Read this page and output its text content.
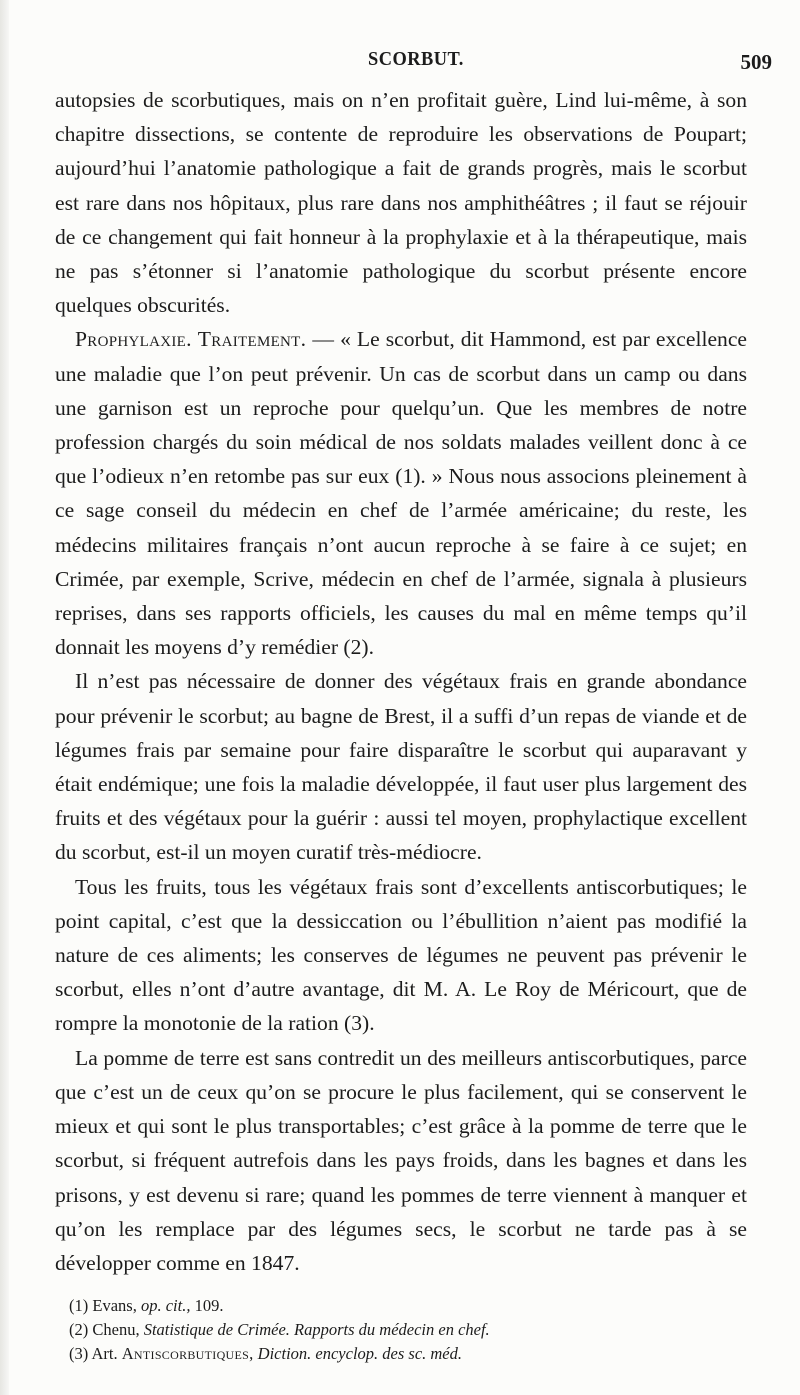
SCORBUT.	509

autopsies de scorbutiques, mais on n’en profitait guère, Lind lui-même, à son chapitre dissections, se contente de reproduire les observations de Poupart; aujourd’hui l’anatomie pathologique a fait de grands progrès, mais le scorbut est rare dans nos hôpitaux, plus rare dans nos amphithéâtres ; il faut se réjouir de ce changement qui fait honneur à la prophylaxie et à la thérapeutique, mais ne pas s’étonner si l’anatomie pathologique du scorbut présente encore quelques obscurités.

Prophylaxie. Traitement. — « Le scorbut, dit Hammond, est par excellence une maladie que l’on peut prévenir. Un cas de scorbut dans un camp ou dans une garnison est un reproche pour quelqu’un. Que les membres de notre profession chargés du soin médical de nos soldats malades veillent donc à ce que l’odieux n’en retombe pas sur eux (1). » Nous nous associons pleinement à ce sage conseil du médecin en chef de l’armée américaine; du reste, les médecins militaires français n’ont aucun reproche à se faire à ce sujet; en Crimée, par exemple, Scrive, médecin en chef de l’armée, signala à plusieurs reprises, dans ses rapports officiels, les causes du mal en même temps qu’il donnait les moyens d’y remédier (2).

Il n’est pas nécessaire de donner des végétaux frais en grande abondance pour prévenir le scorbut; au bagne de Brest, il a suffi d’un repas de viande et de légumes frais par semaine pour faire disparaître le scorbut qui auparavant y était endémique; une fois la maladie développée, il faut user plus largement des fruits et des végétaux pour la guérir : aussi tel moyen, prophylactique excellent du scorbut, est-il un moyen curatif très-médiocre.

Tous les fruits, tous les végétaux frais sont d’excellents antiscorbutiques; le point capital, c’est que la dessiccation ou l’ébullition n’aient pas modifié la nature de ces aliments; les conserves de légumes ne peuvent pas prévenir le scorbut, elles n’ont d’autre avantage, dit M. A. Le Roy de Méricourt, que de rompre la monotonie de la ration (3).

La pomme de terre est sans contredit un des meilleurs antiscorbutiques, parce que c’est un de ceux qu’on se procure le plus facilement, qui se conservent le mieux et qui sont le plus transportables; c’est grâce à la pomme de terre que le scorbut, si fréquent autrefois dans les pays froids, dans les bagnes et dans les prisons, y est devenu si rare; quand les pommes de terre viennent à manquer et qu’on les remplace par des légumes secs, le scorbut ne tarde pas à se développer comme en 1847.

(1) Evans, op. cit., 109.

(2) Chenu, Statistique de Crimée. Rapports du médecin en chef.

(3) Art. Antiscorbutiques, Diction. encyclop. des sc. méd.
